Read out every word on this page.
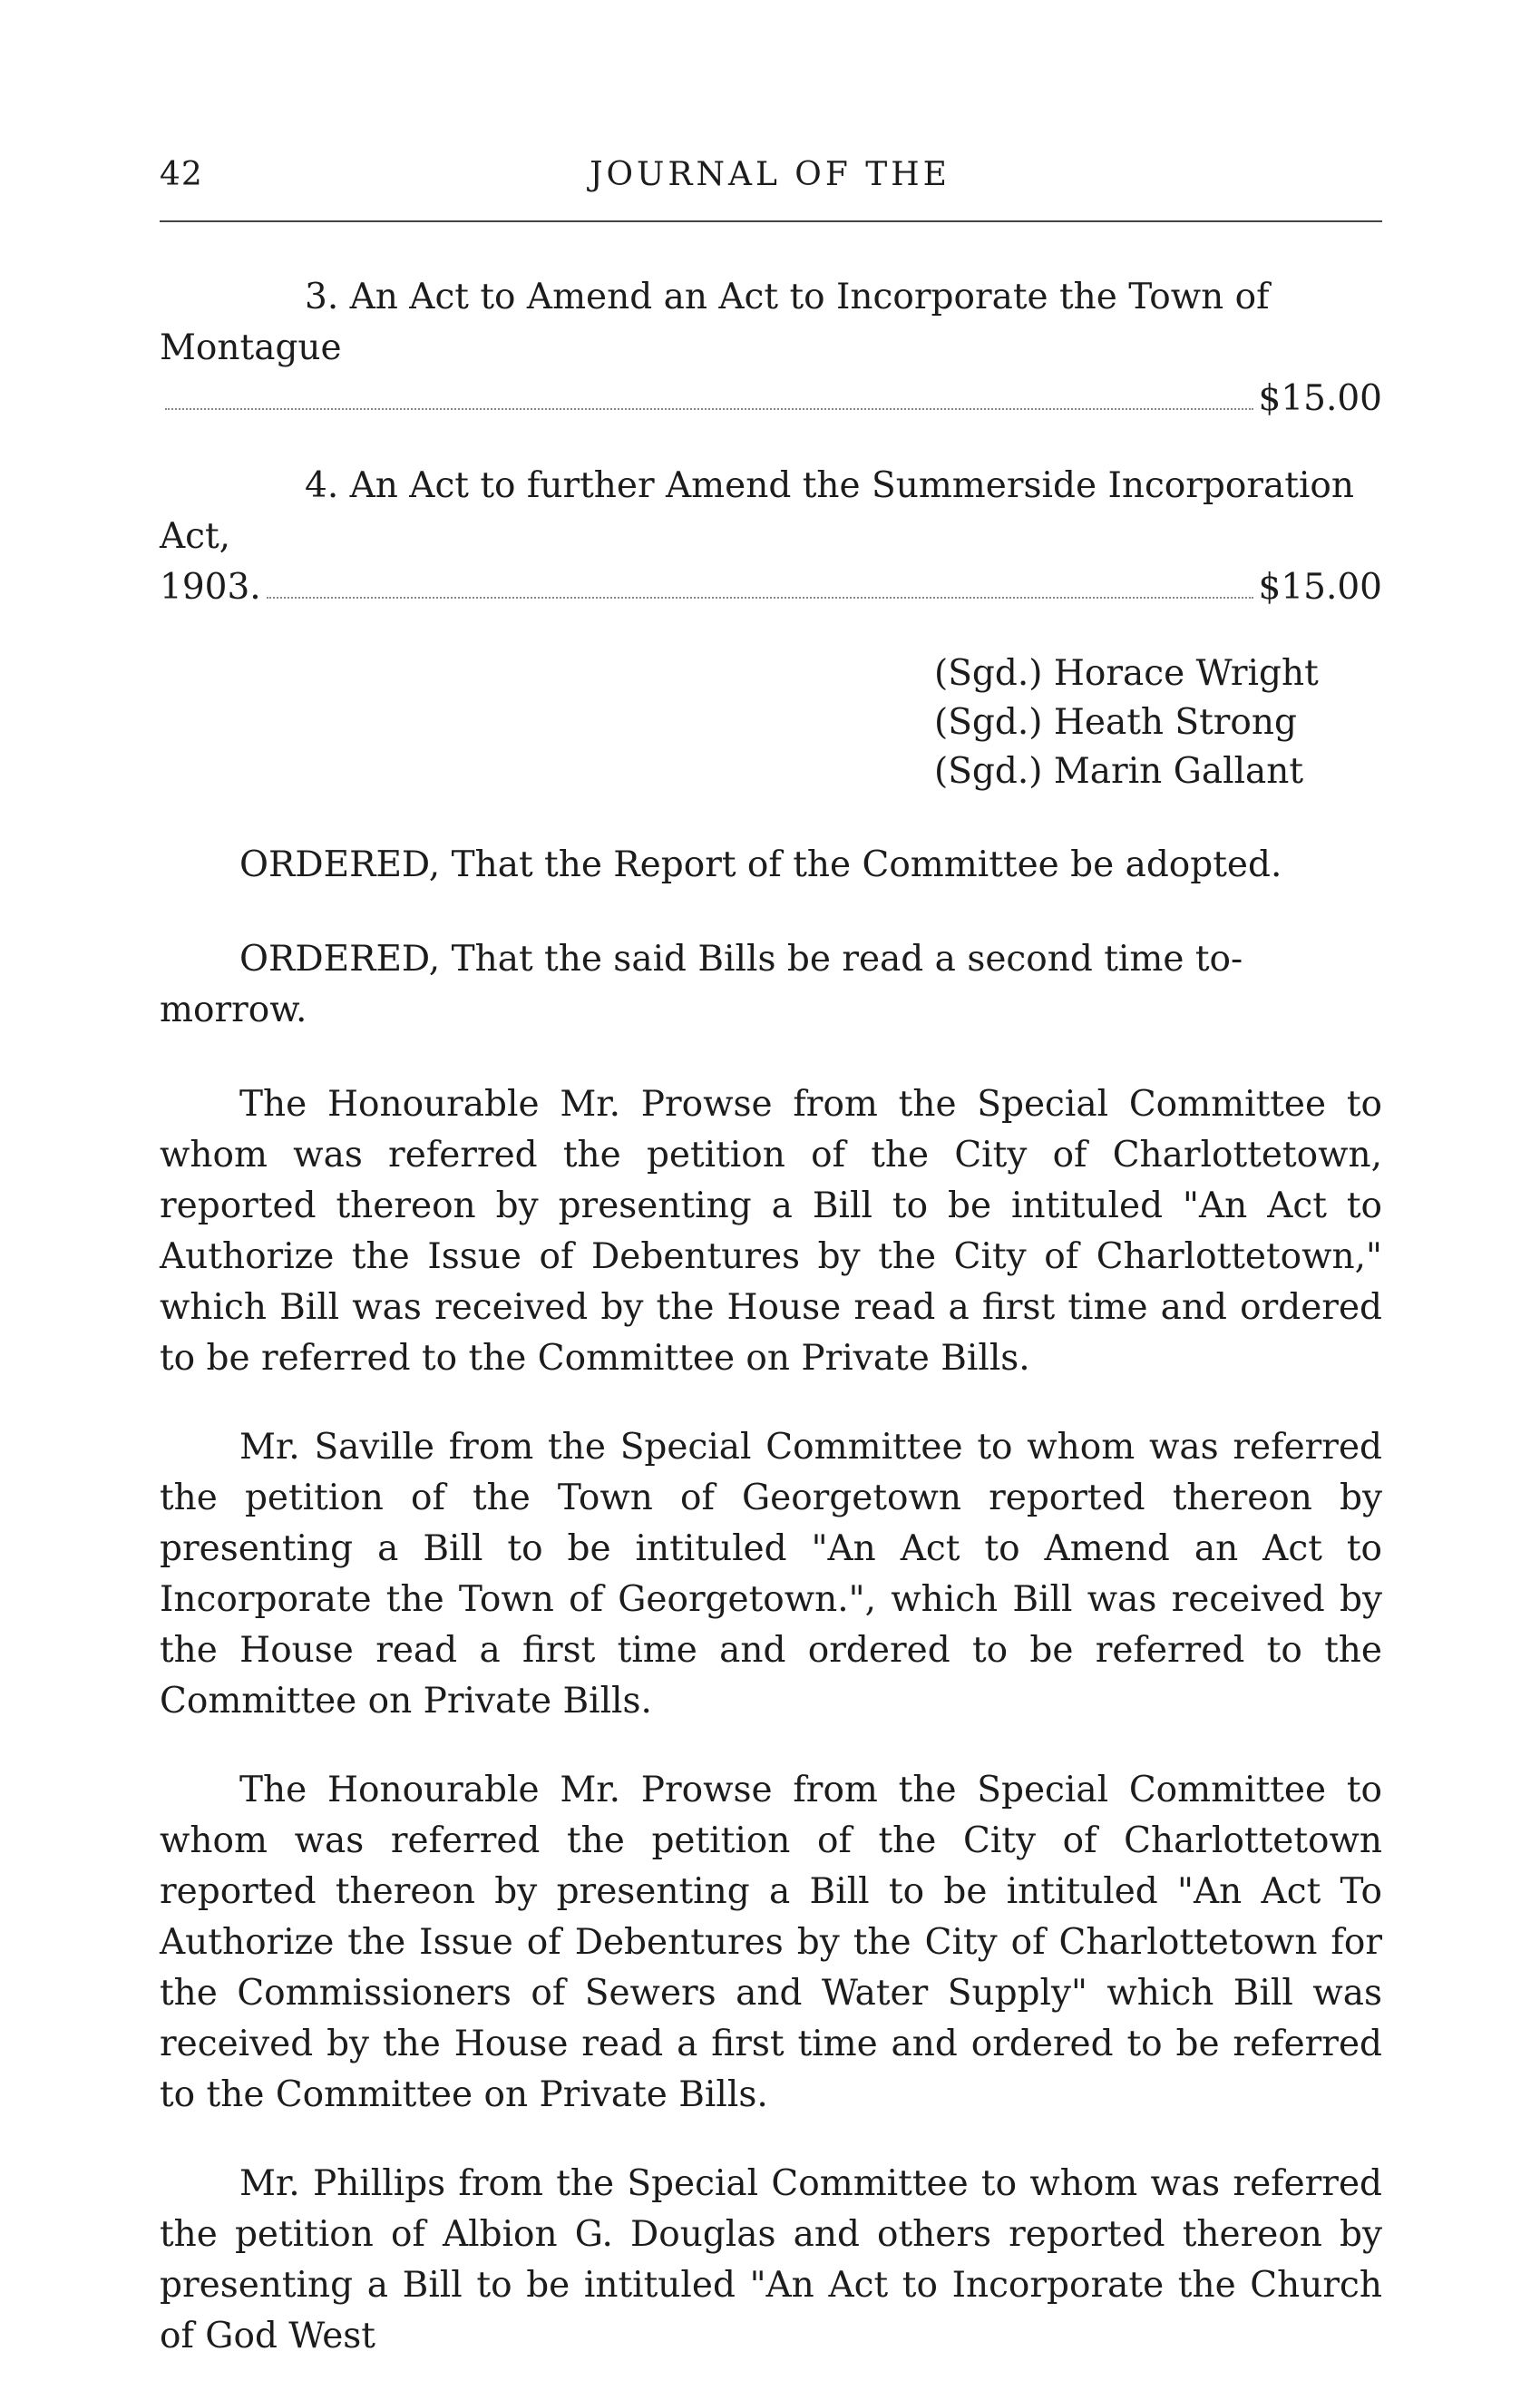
42	JOURNAL OF THE

3. An Act to Amend an Act to Incorporate the Town of Montague

$15.00

4. An Act to further Amend the Summerside Incorporation Act,

1903.	$15.00

(Sgd.) Horace Wright

(Sgd.) Heath Strong

(Sgd.) Marin Gallant

ORDERED, That the Report of the Committee be adopted.

ORDERED, That the said Bills be read a second time to-morrow.

The Honourable Mr. Prowse from the Special Committee to whom was referred the petition of the City of Charlottetown, reported thereon by presenting a Bill to be intituled "An Act to Authorize the Issue of Debentures by the City of Charlottetown," which Bill was received by the House read a first time and ordered to be referred to the Committee on Private Bills.

Mr. Saville from the Special Committee to whom was referred the petition of the Town of Georgetown reported thereon by presenting a Bill to be intituled "An Act to Amend an Act to Incorporate the Town of Georgetown.", which Bill was received by the House read a first time and ordered to be referred to the Committee on Private Bills.

The Honourable Mr. Prowse from the Special Committee to whom was referred the petition of the City of Charlottetown reported thereon by presenting a Bill to be intituled "An Act To Authorize the Issue of Debentures by the City of Charlottetown for the Commissioners of Sewers and Water Supply" which Bill was received by the House read a first time and ordered to be referred to the Committee on Private Bills.

Mr. Phillips from the Special Committee to whom was referred the petition of Albion G. Douglas and others reported thereon by presenting a Bill to be intituled "An Act to Incorporate the Church of God West
